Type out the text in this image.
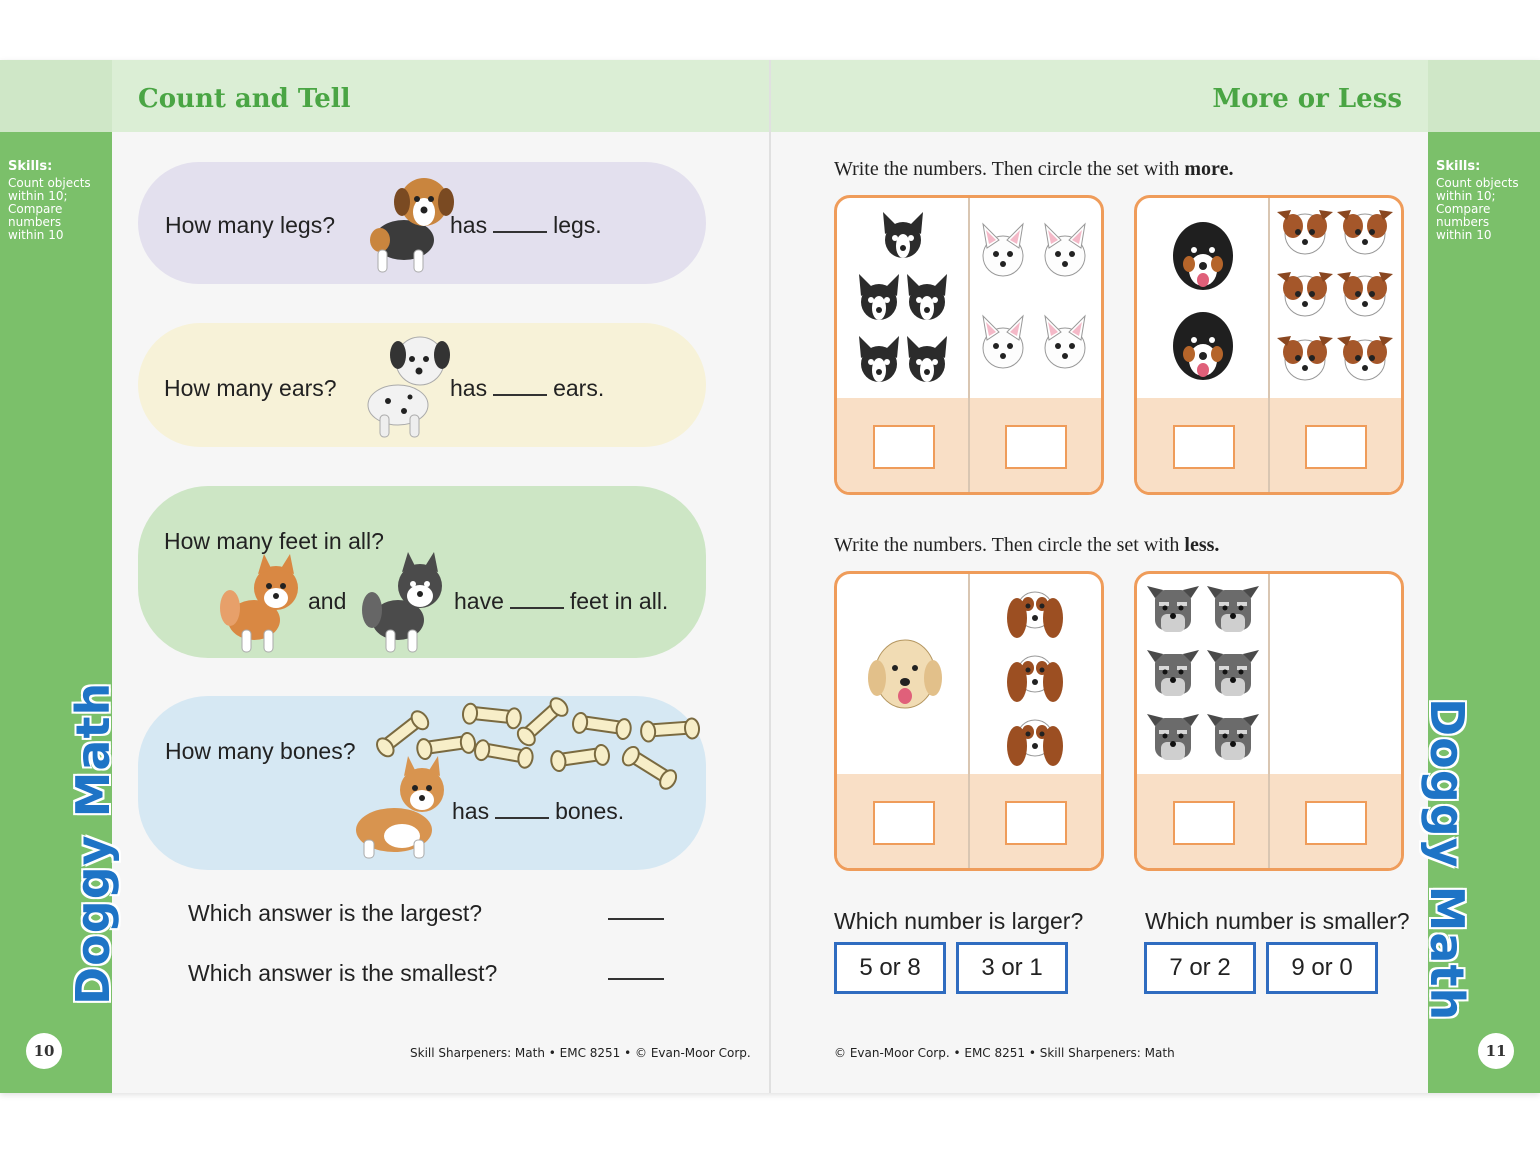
Skills:
Count objects within 10; Compare numbers within 10
10
Doggy Math
Skills:
Count objects within 10; Compare numbers within 10
11
Doggy Math
Count and Tell	More or Less
How many legs?	has	legs.
How many ears?	has	ears.
How many feet in all?
and	have	feet in all.
How many bones?
has	bones.
Which answer is the largest?
Which answer is the smallest?
Skill Sharpeners: Math • EMC 8251 • © Evan-Moor Corp.
Write the numbers. Then circle the set with more.
Write the numbers. Then circle the set with less.
Which number is larger?	Which number is smaller?
5 or 8	3 or 1	7 or 2	9 or 0
© Evan-Moor Corp. • EMC 8251 • Skill Sharpeners: Math
